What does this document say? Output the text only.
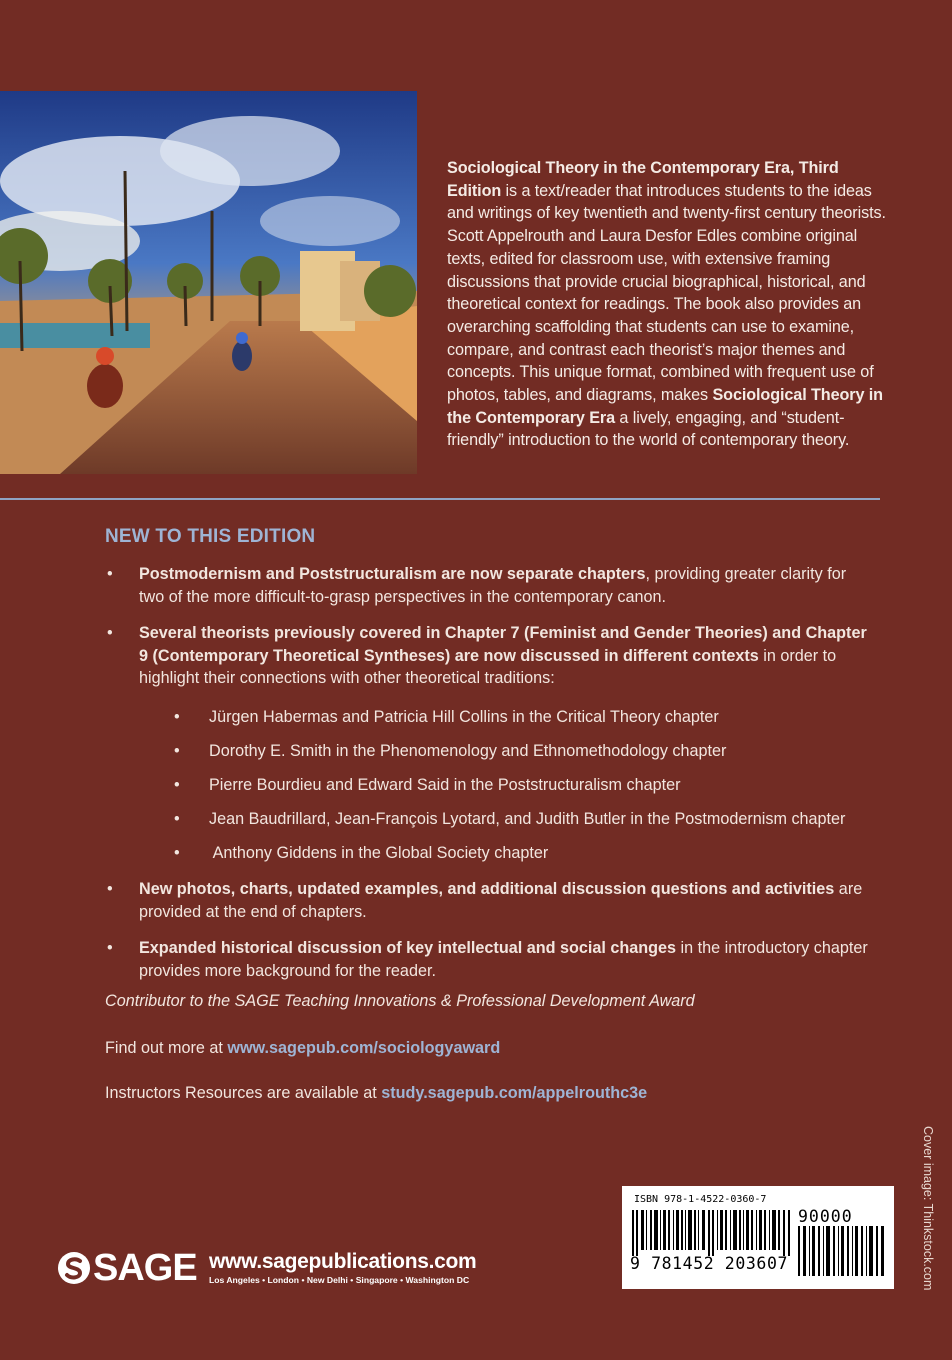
Sociological Theory in the Contemporary Era, Third Edition is a text/reader that introduces students to the ideas and writings of key twentieth and twenty-first century theorists. Scott Appelrouth and Laura Desfor Edles combine original texts, edited for classroom use, with extensive framing discussions that provide crucial biographical, historical, and theoretical context for readings. The book also provides an overarching scaffolding that students can use to examine, compare, and contrast each theorist’s major themes and concepts. This unique format, combined with frequent use of photos, tables, and diagrams, makes Sociological Theory in the Contemporary Era a lively, engaging, and “student-friendly” introduction to the world of contemporary theory.
NEW TO THIS EDITION
• Postmodernism and Poststructuralism are now separate chapters, providing greater clarity for two of the more difficult-to-grasp perspectives in the contemporary canon.
• Several theorists previously covered in Chapter 7 (Feminist and Gender Theories) and Chapter 9 (Contemporary Theoretical Syntheses) are now discussed in different contexts in order to highlight their connections with other theoretical traditions:
• Jürgen Habermas and Patricia Hill Collins in the Critical Theory chapter
• Dorothy E. Smith in the Phenomenology and Ethnomethodology chapter
• Pierre Bourdieu and Edward Said in the Poststructuralism chapter
• Jean Baudrillard, Jean-François Lyotard, and Judith Butler in the Postmodernism chapter
•  Anthony Giddens in the Global Society chapter
• New photos, charts, updated examples, and additional discussion questions and activities are provided at the end of chapters.
• Expanded historical discussion of key intellectual and social changes in the introductory chapter provides more background for the reader.
Contributor to the SAGE Teaching Innovations & Professional Development Award
Find out more at www.sagepub.com/sociologyaward
Instructors Resources are available at study.sagepub.com/appelrouthc3e
Cover image: Thinkstock.com
SAGE www.sagepublications.com
Los Angeles • London • New Delhi • Singapore • Washington DC
ISBN 978-1-4522-0360-7
9 781452 203607
90000
